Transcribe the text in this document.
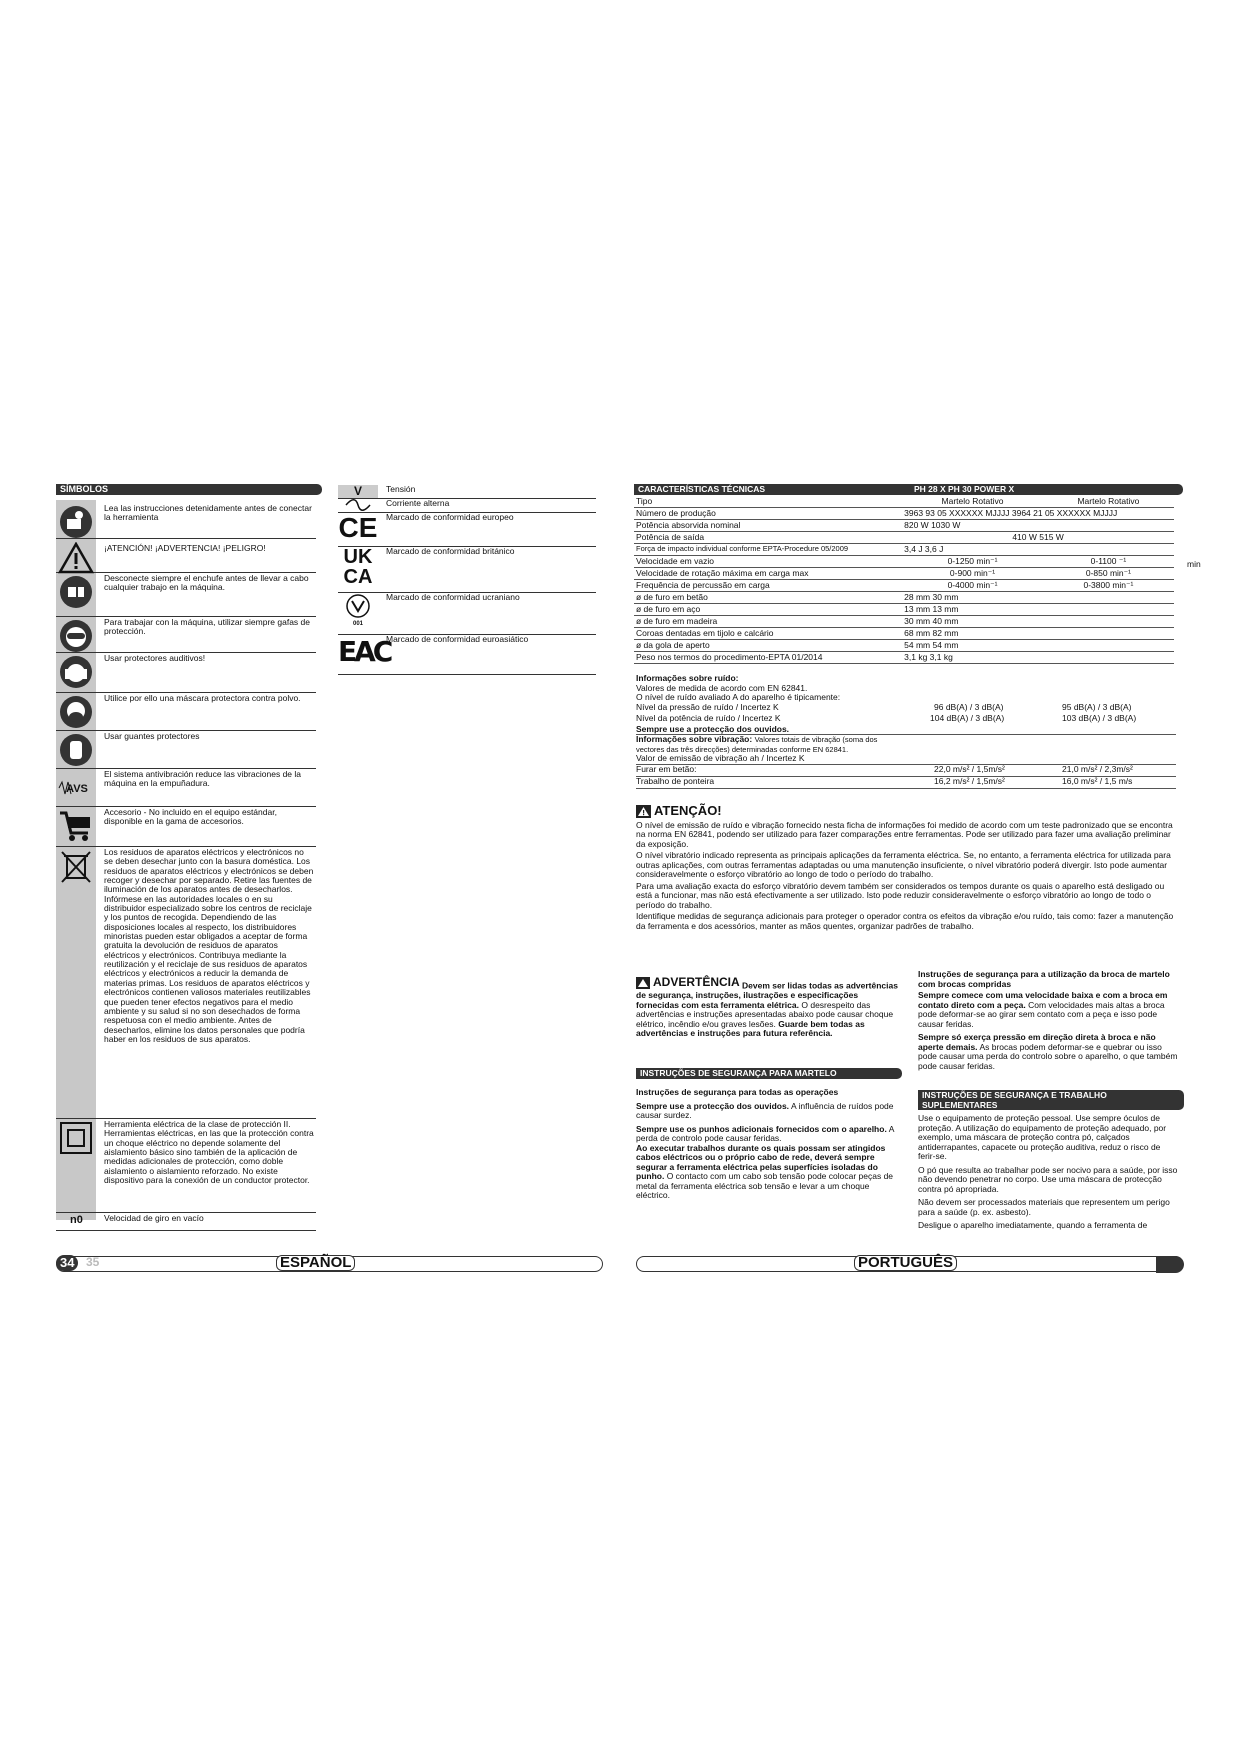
SÍMBOLOS
Lea las instrucciones detenidamente antes de conectar la herramienta
¡ATENCIÓN! ¡ADVERTENCIA! ¡PELIGRO!
Desconecte siempre el enchufe antes de llevar a cabo cualquier trabajo en la máquina.
Para trabajar con la máquina, utilizar siempre gafas de protección.
Usar protectores auditivos!
Utilice por ello una máscara protectora contra polvo.
Usar guantes protectores
AVS
El sistema antivibración reduce las vibraciones de la máquina en la empuñadura.
Accesorio - No incluido en el equipo estándar, disponible en la gama de accesorios.
Los residuos de aparatos eléctricos y electrónicos no se deben desechar junto con la basura doméstica. Los residuos de aparatos eléctricos y electrónicos se deben recoger y desechar por separado. Retire las fuentes de iluminación de los aparatos antes de desecharlos. Infórmese en las autoridades locales o en su distribuidor especializado sobre los centros de reciclaje y los puntos de recogida. Dependiendo de las disposiciones locales al respecto, los distribuidores minoristas pueden estar obligados a aceptar de forma gratuita la devolución de residuos de aparatos eléctricos y electrónicos. Contribuya mediante la reutilización y el reciclaje de sus residuos de aparatos eléctricos y electrónicos a reducir la demanda de materias primas. Los residuos de aparatos eléctricos y electrónicos contienen valiosos materiales reutilizables que pueden tener efectos negativos para el medio ambiente y su salud si no son desechados de forma respetuosa con el medio ambiente. Antes de desecharlos, elimine los datos personales que podría haber en los residuos de sus aparatos.
Herramienta eléctrica de la clase de protección II. Herramientas eléctricas, en las que la protección contra un choque eléctrico no depende solamente del aislamiento básico sino también de la aplicación de medidas adicionales de protección, como doble aislamiento o aislamiento reforzado. No existe dispositivo para la conexión de un conductor protector.
Velocidad de giro en vacío
n0
V	Tensión
Corriente alterna
CE Marcado de conformidad europeo
UK
CA
Marcado de conformidad británico
001
Marcado de conformidad ucraniano
EAC
Marcado de conformidad euroasiático
34 35	ESPAÑOL
CARACTERÍSTICAS TÉCNICAS	PH 28 X PH 30 POWER X
Tipo	Martelo Rotativo	Martelo Rotativo
Número de produção	3963 93 05 XXXXXX MJJJJ 3964 21 05 XXXXXX MJJJJ	
Potência absorvida nominal	820 W 1030 W	
Potência de saída	410 W 515 W	
Força de impacto individual conforme EPTA-Procedure 05/2009	3,4 J 3,6 J	
Velocidade em vazio	0-1250 min⁻¹	0-1100 ⁻¹
Velocidade de rotação máxima em carga max	0-900 min⁻¹	0-850 min⁻¹
Frequência de percussão em carga	0-4000 min⁻¹	0-3800 min⁻¹
ø de furo em betão	28 mm 30 mm	
ø de furo em aço	13 mm 13 mm	
ø de furo em madeira	30 mm 40 mm	
Coroas dentadas em tijolo e calcário	68 mm 82 mm	
ø da gola de aperto	54 mm 54 mm	
Peso nos termos do procedimento-EPTA 01/2014	3,1 kg 3,1 kg	
min
Informações sobre ruído:
Valores de medida de acordo com EN 62841.
O nível de ruído avaliado A do aparelho é tipicamente:
Nível da pressão de ruído / Incertez K	96 dB(A) / 3 dB(A)	95 dB(A) / 3 dB(A)
Nível da potência de ruído / Incertez K	104 dB(A) / 3 dB(A)	103 dB(A) / 3 dB(A)
Sempre use a protecção dos ouvidos.
Informações sobre vibração: Valores totais de vibração (soma dos vectores das três direcções) determinadas conforme EN 62841.
Valor de emissão de vibração ah / Incertez K
Furar em betão:	22,0 m/s² / 1,5m/s²	21,0 m/s² / 2,3m/s²
Trabalho de ponteira	16,2 m/s² / 1,5m/s²	16,0 m/s² / 1,5 m/s
ATENÇÃO!
O nível de emissão de ruído e vibração fornecido nesta ficha de informações foi medido de acordo com um teste padronizado que se encontra na norma EN 62841, podendo ser utilizado para fazer comparações entre ferramentas. Pode ser utilizado para fazer uma avaliação preliminar da exposição.
O nível vibratório indicado representa as principais aplicações da ferramenta eléctrica. Se, no entanto, a ferramenta eléctrica for utilizada para outras aplicações, com outras ferramentas adaptadas ou uma manutenção insuficiente, o nível vibratório poderá divergir. Isto pode aumentar consideravelmente o esforço vibratório ao longo de todo o período do trabalho.
Para uma avaliação exacta do esforço vibratório devem também ser considerados os tempos durante os quais o aparelho está desligado ou está a funcionar, mas não está efectivamente a ser utilizado. Isto pode reduzir consideravelmente o esforço vibratório ao longo de todo o período do trabalho.
Identifique medidas de segurança adicionais para proteger o operador contra os efeitos da vibração e/ou ruído, tais como: fazer a manutenção da ferramenta e dos acessórios, manter as mãos quentes, organizar padrões de trabalho.
ADVERTÊNCIA Devem ser lidas todas as advertências de segurança, instruções, ilustrações e especificações fornecidas com esta ferramenta elétrica. O desrespeito das advertências e instruções apresentadas abaixo pode causar choque elétrico, incêndio e/ou graves lesões. Guarde bem todas as advertências e instruções para futura referência.
INSTRUÇÕES DE SEGURANÇA PARA MARTELO
Instruções de segurança para todas as operações
Sempre use a protecção dos ouvidos. A influência de ruídos pode causar surdez.
Sempre use os punhos adicionais fornecidos com o aparelho. A perda de controlo pode causar feridas.
Ao executar trabalhos durante os quais possam ser atingidos cabos eléctricos ou o próprio cabo de rede, deverá sempre segurar a ferramenta eléctrica pelas superfícies isoladas do punho. O contacto com um cabo sob tensão pode colocar peças de metal da ferramenta eléctrica sob tensão e levar a um choque eléctrico.
Instruções de segurança para a utilização da broca de martelo com brocas compridas
Sempre comece com uma velocidade baixa e com a broca em contato direto com a peça. Com velocidades mais altas a broca pode deformar-se ao girar sem contato com a peça e isso pode causar feridas.
Sempre só exerça pressão em direção direta à broca e não aperte demais. As brocas podem deformar-se e quebrar ou isso pode causar uma perda do controlo sobre o aparelho, o que também pode causar feridas.
INSTRUÇÕES DE SEGURANÇA E TRABALHO SUPLEMENTARES
Use o equipamento de proteção pessoal. Use sempre óculos de proteção. A utilização do equipamento de proteção adequado, por exemplo, uma máscara de proteção contra pó, calçados antiderrapantes, capacete ou proteção auditiva, reduz o risco de ferir-se.
O pó que resulta ao trabalhar pode ser nocivo para a saúde, por isso não devendo penetrar no corpo. Use uma máscara de protecção contra pó apropriada.
Não devem ser processados materiais que representem um perigo para a saúde (p. ex. asbesto).
Desligue o aparelho imediatamente, quando a ferramenta de
PORTUGUÊS
